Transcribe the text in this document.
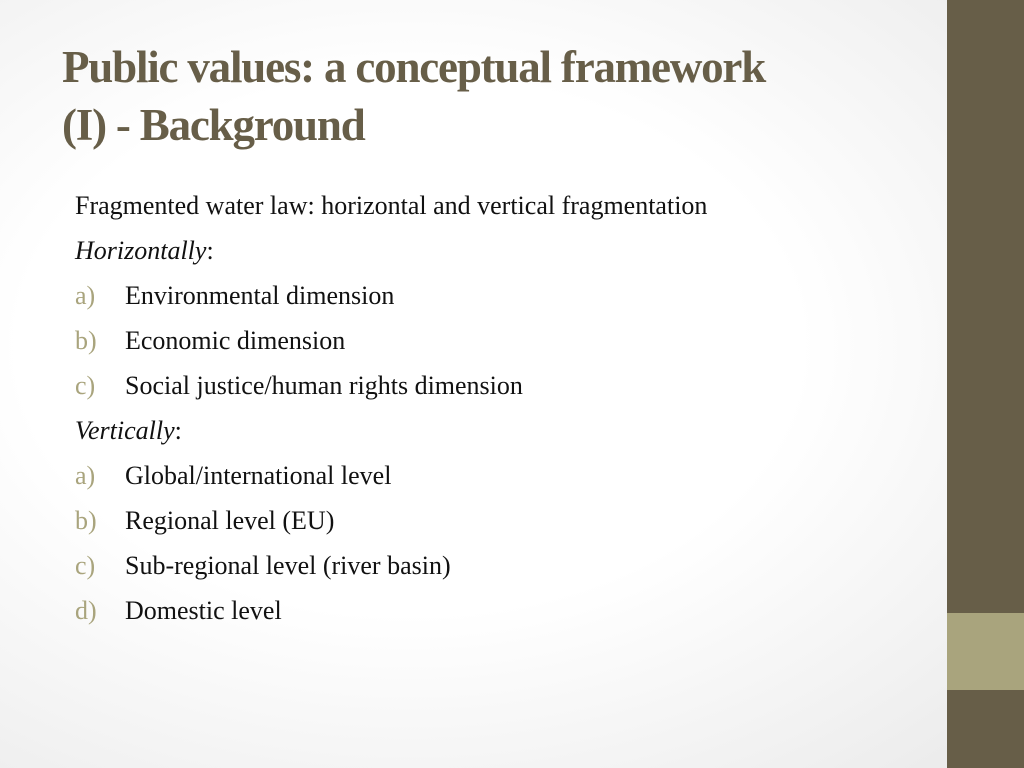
Public values: a conceptual framework
(I) - Background
Fragmented water law: horizontal and vertical fragmentation
Horizontally:
a) Environmental dimension
b) Economic dimension
c) Social justice/human rights dimension
Vertically:
a) Global/international level
b) Regional level (EU)
c) Sub-regional level (river basin)
d) Domestic level
